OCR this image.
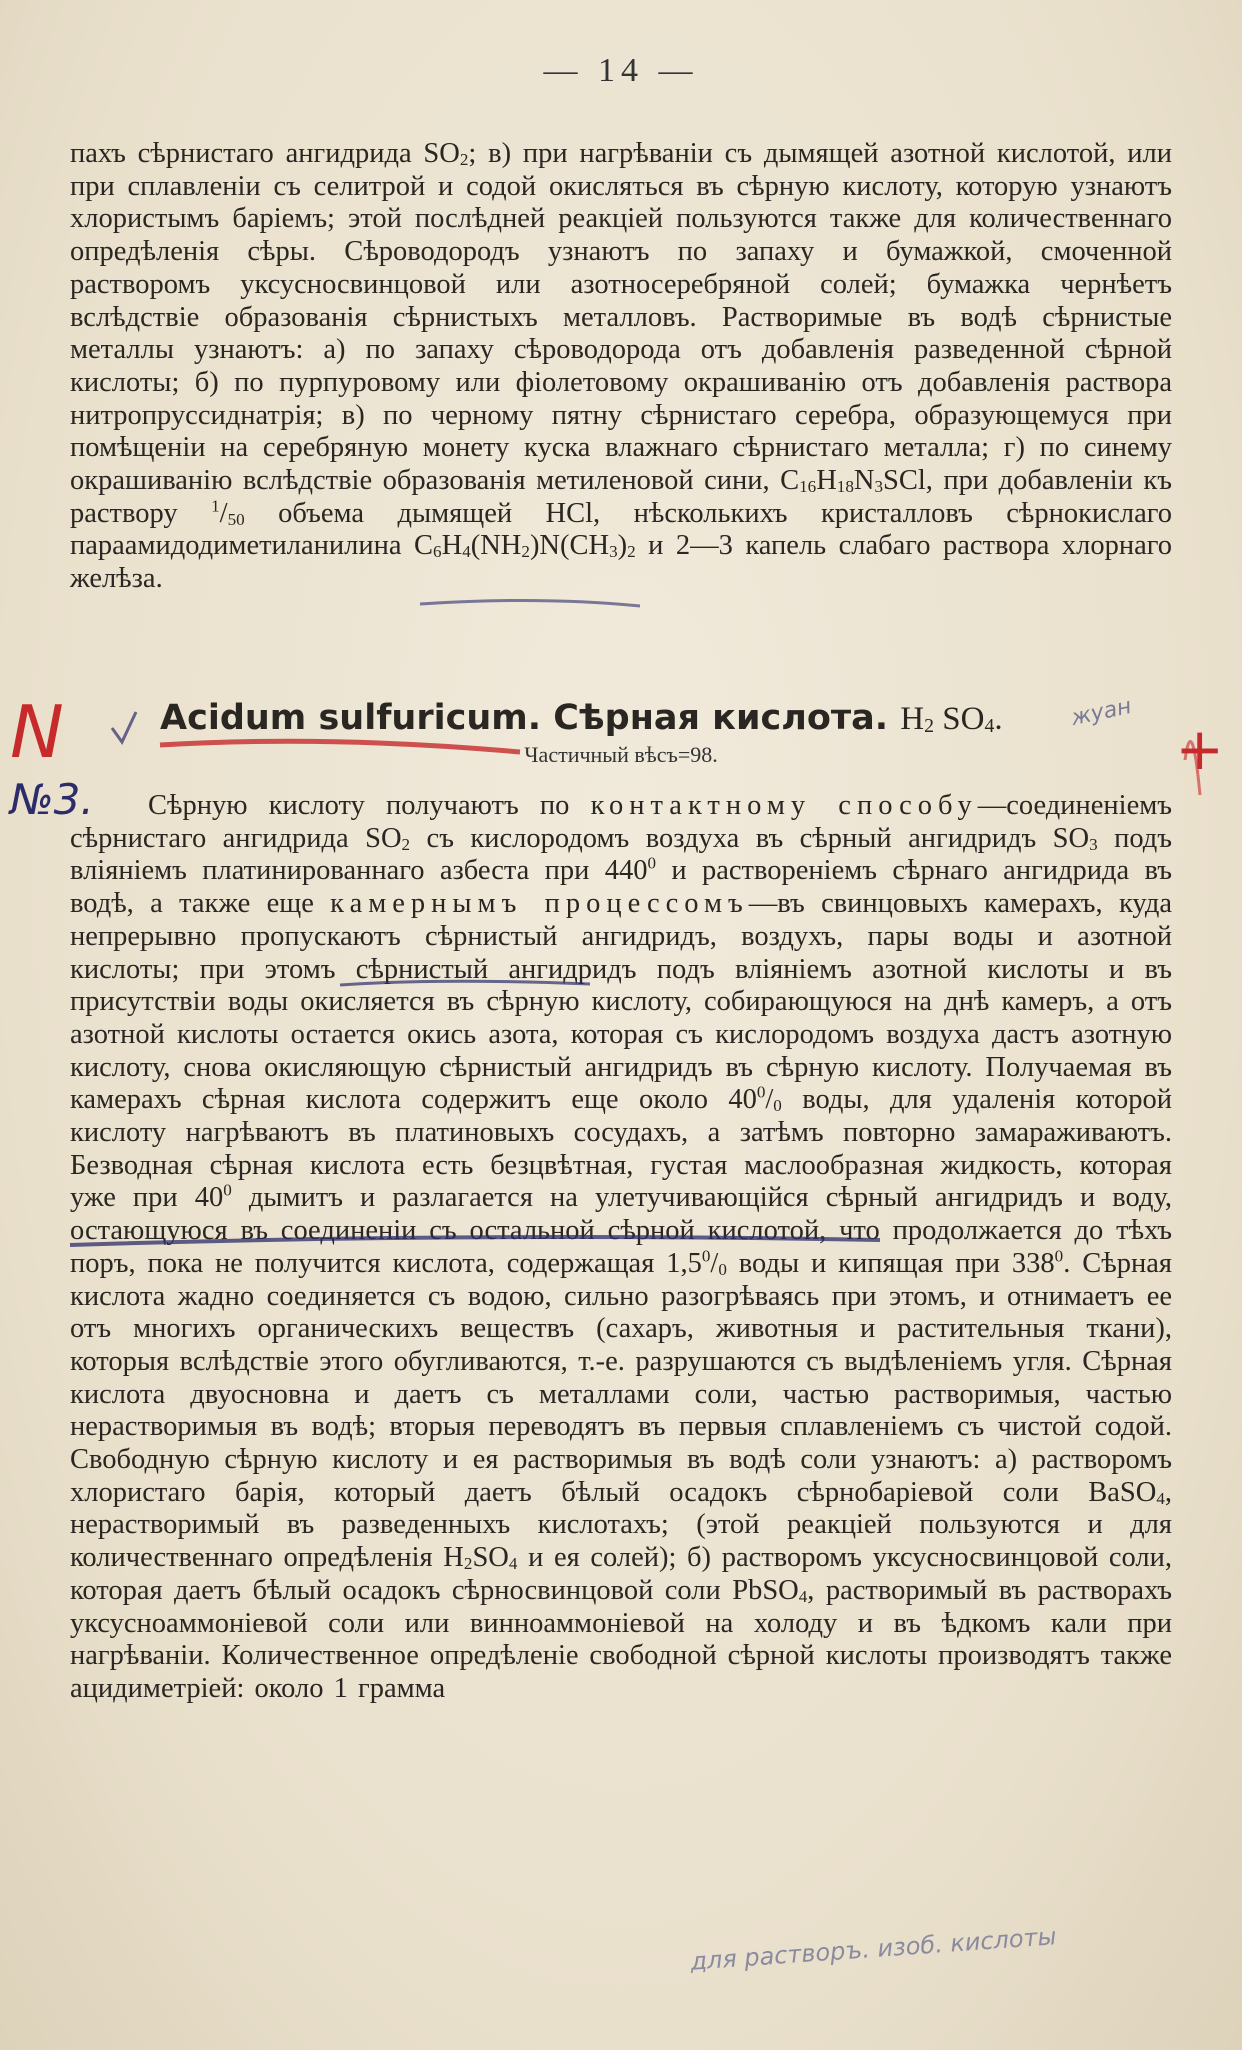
— 14 —
пахъ сѣрнистаго ангидрида $SO_2$; в) при нагрѣваніи съ дымящей азотной кислотой, или при сплавленіи съ селитрой и содой окисляться въ сѣрную кислоту, которую узнаютъ хлористымъ баріемъ; этой послѣдней реакціей пользуются также для количественнаго опредѣленія сѣры. Сѣроводородъ узнаютъ по запаху и бумажкой, смоченной растворомъ уксусносвинцовой или азотносеребряной солей; бумажка чернѣетъ вслѣдствіе образованія сѣрнистыхъ металловъ. Растворимые въ водѣ сѣрнистые металлы узнаютъ: а) по запаху сѣроводорода отъ добавленія разведенной сѣрной кислоты; б) по пурпуровому или фіолетовому окрашиванію отъ добавленія раствора нитропруссиднатрія; в) по черному пятну сѣрнистаго серебра, образующемуся при помѣщеніи на серебряную монету куска влажнаго сѣрнистаго металла; г) по синему окрашиванію вслѣдствіе образованія метиленовой сини, $C_{16}H_{18}N_3SCl$, при добавленіи къ раствору $^1/_{50}$ объема дымящей HCl, нѣсколькихъ кристалловъ сѣрнокислаго параамидодиметиланилина $C_6H_4(NH_2)N(CH_3)_2$ и 2—3 капель слабаго раствора хлорнаго желѣза.
Acidum sulfuricum. Сѣрная кислота. $H_2$ $SO_4$.
Частичный вѣсъ=98.
Сѣрную кислоту получаютъ по контактному способу—соединеніемъ сѣрнистаго ангидрида $SO_2$ съ кислородомъ воздуха въ сѣрный ангидридъ $SO_3$ подъ вліяніемъ платинированнаго азбеста при $440^0$ и раствореніемъ сѣрнаго ангидрида въ водѣ, а также еще камернымъ процессомъ—въ свинцовыхъ камерахъ, куда непрерывно пропускаютъ сѣрнистый ангидридъ, воздухъ, пары воды и азотной кислоты; при этомъ сѣрнистый ангидридъ подъ вліяніемъ азотной кислоты и въ присутствіи воды окисляется въ сѣрную кислоту, собирающуюся на днѣ камеръ, а отъ азотной кислоты остается окись азота, которая съ кислородомъ воздуха дастъ азотную кислоту, снова окисляющую сѣрнистый ангидридъ въ сѣрную кислоту. Получаемая въ камерахъ сѣрная кислота содержитъ еще около $40^0/_0$ воды, для удаленія которой кислоту нагрѣваютъ въ платиновыхъ сосудахъ, а затѣмъ повторно замараживаютъ. Безводная сѣрная кислота есть безцвѣтная, густая маслообразная жидкость, которая уже при $40^0$ дымитъ и разлагается на улетучивающійся сѣрный ангидридъ и воду, остающуюся въ соединеніи съ остальной сѣрной кислотой, что продолжается до тѣхъ поръ, пока не получится кислота, содержащая $1,5^0/_0$ воды и кипящая при $338^0$. Сѣрная кислота жадно соединяется съ водою, сильно разогрѣваясь при этомъ, и отнимаетъ ее отъ многихъ органическихъ веществъ (сахаръ, животныя и растительныя ткани), которыя вслѣдствіе этого обугливаются, т.-е. разрушаются съ выдѣленіемъ угля. Сѣрная кислота двуосновна и даетъ съ металлами соли, частью растворимыя, частью нерастворимыя въ водѣ; вторыя переводятъ въ первыя сплавленіемъ съ чистой содой. Свободную сѣрную кислоту и ея растворимыя въ водѣ соли узнаютъ: а) растворомъ хлористаго барія, который даетъ бѣлый осадокъ сѣрнобаріевой соли BaSO$_4$, нерастворимый въ разведенныхъ кислотахъ; (этой реакціей пользуются и для количественнаго опредѣленія $H_2SO_4$ и ея солей); б) растворомъ уксусносвинцовой соли, которая даетъ бѣлый осадокъ сѣрносвинцовой соли PbSO$_4$, растворимый въ растворахъ уксусноаммоніевой соли или виннoаммоніевой на холоду и въ ѣдкомъ кали при нагрѣваніи. Количественное опредѣленіе свободной сѣрной кислоты производятъ также ацидиметріей: около 1 грамма
N
№3.
жуан
+
для растворъ. изоб. кислоты
